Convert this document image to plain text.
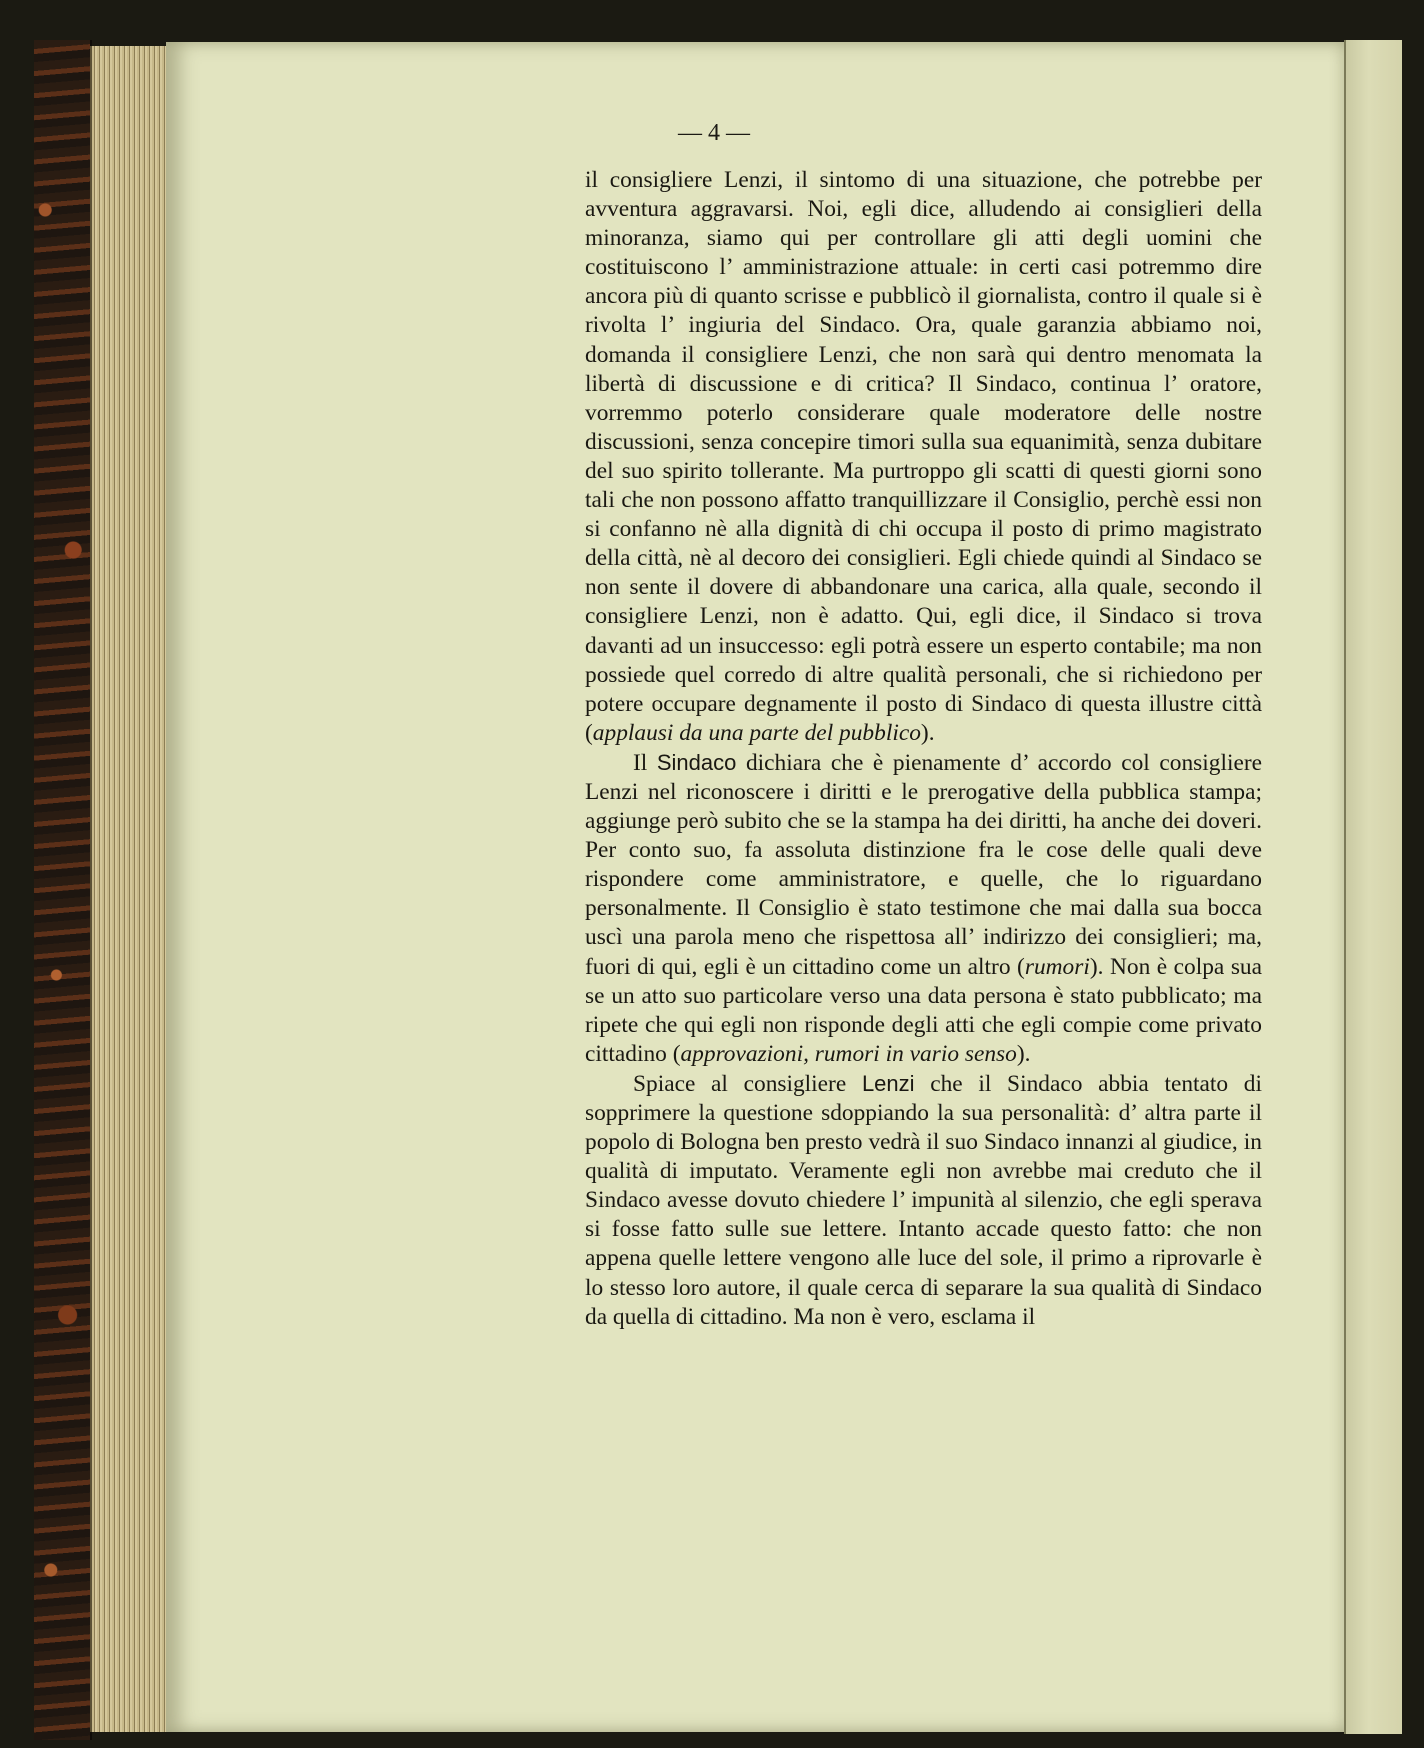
— 4 —

il consigliere Lenzi, il sintomo di una situazione, che potrebbe per avventura aggravarsi. Noi, egli dice, alludendo ai consiglieri della minoranza, siamo qui per controllare gli atti degli uomini che costituiscono l’ amministrazione attuale: in certi casi potremmo dire ancora più di quanto scrisse e pubblicò il giornalista, contro il quale si è rivolta l’ ingiuria del Sindaco. Ora, quale garanzia abbiamo noi, domanda il consigliere Lenzi, che non sarà qui dentro menomata la libertà di discussione e di critica? Il Sindaco, continua l’ oratore, vorremmo poterlo considerare quale moderatore delle nostre discussioni, senza concepire timori sulla sua equanimità, senza dubitare del suo spirito tollerante. Ma purtroppo gli scatti di questi giorni sono tali che non possono affatto tranquillizzare il Consiglio, perchè essi non si confanno nè alla dignità di chi occupa il posto di primo magistrato della città, nè al decoro dei consiglieri. Egli chiede quindi al Sindaco se non sente il dovere di abbandonare una carica, alla quale, secondo il consigliere Lenzi, non è adatto. Qui, egli dice, il Sindaco si trova davanti ad un insuccesso: egli potrà essere un esperto contabile; ma non possiede quel corredo di altre qualità personali, che si richiedono per potere occupare degnamente il posto di Sindaco di questa illustre città (applausi da una parte del pubblico).

Il Sindaco dichiara che è pienamente d’ accordo col consigliere Lenzi nel riconoscere i diritti e le prerogative della pubblica stampa; aggiunge però subito che se la stampa ha dei diritti, ha anche dei doveri. Per conto suo, fa assoluta distinzione fra le cose delle quali deve rispondere come amministratore, e quelle, che lo riguardano personalmente. Il Consiglio è stato testimone che mai dalla sua bocca uscì una parola meno che rispettosa all’ indirizzo dei consiglieri; ma, fuori di qui, egli è un cittadino come un altro (rumori). Non è colpa sua se un atto suo particolare verso una data persona è stato pubblicato; ma ripete che qui egli non risponde degli atti che egli compie come privato cittadino (approvazioni, rumori in vario senso).

Spiace al consigliere Lenzi che il Sindaco abbia tentato di sopprimere la questione sdoppiando la sua personalità: d’ altra parte il popolo di Bologna ben presto vedrà il suo Sindaco innanzi al giudice, in qualità di imputato. Veramente egli non avrebbe mai creduto che il Sindaco avesse dovuto chiedere l’ impunità al silenzio, che egli sperava si fosse fatto sulle sue lettere. Intanto accade questo fatto: che non appena quelle lettere vengono alle luce del sole, il primo a riprovarle è lo stesso loro autore, il quale cerca di separare la sua qualità di Sindaco da quella di cittadino. Ma non è vero, esclama il
